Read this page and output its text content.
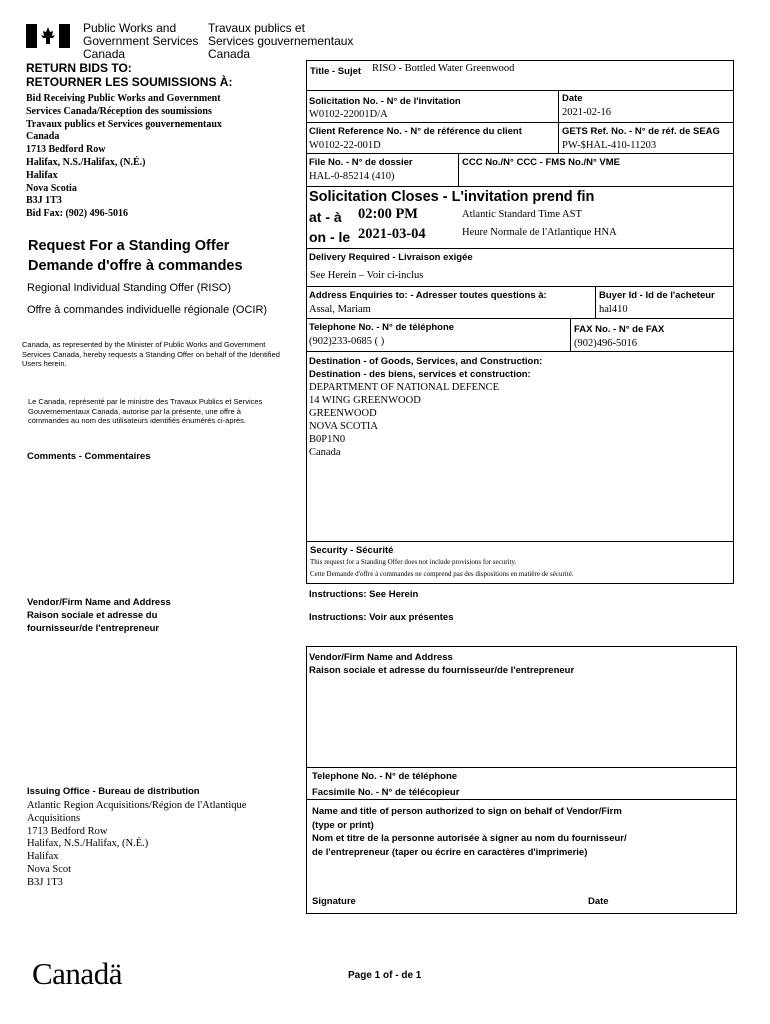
Public Works and
Government Services
Canada
Travaux publics et
Services gouvernementaux
Canada
RETURN BIDS TO:
RETOURNER LES SOUMISSIONS À:
Bid Receiving Public Works and Government
Services Canada/Réception des soumissions
Travaux publics et Services gouvernementaux
Canada
1713 Bedford Row
Halifax, N.S./Halifax, (N.É.)
Halifax
Nova Scotia
B3J 1T3
Bid Fax: (902) 496-5016
Request For a Standing Offer
Demande d'offre à commandes
Regional Individual Standing Offer (RISO)
Offre à commandes individuelle régionale (OCIR)
Canada, as represented by the Minister of Public Works and Government Services Canada, hereby requests a Standing Offer on behalf of the Identified Users herein.
Le Canada, représenté par le ministre des Travaux Publics et Services Gouvernementaux Canada, autorise par la présente, une offre à commandes au nom des utilisateurs identifiés énumérés ci-après.
Comments - Commentaires
Vendor/Firm Name and Address
Raison sociale et adresse du
fournisseur/de l'entrepreneur
Issuing Office - Bureau de distribution
Atlantic Region Acquisitions/Région de l'Atlantique
Acquisitions
1713 Bedford Row
Halifax, N.S./Halifax, (N.É.)
Halifax
Nova Scot
B3J 1T3
Title - Sujet RISO - Bottled Water Greenwood
Solicitation No. - N° de l'invitation
W0102-22001D/A
Date
2021-02-16
Client Reference No. - N° de référence du client
W0102-22-001D
GETS Ref. No. - N° de réf. de SEAG
PW-$HAL-410-11203
File No. - N° de dossier
HAL-0-85214 (410)
CCC No./N° CCC - FMS No./N° VME
Solicitation Closes - L'invitation prend fin
at - à 02:00 PM
on - le 2021-03-04
Atlantic Standard Time AST
Heure Normale de l'Atlantique HNA
Delivery Required - Livraison exigée
See Herein – Voir ci-inclus
Address Enquiries to: - Adresser toutes questions à:
Assal, Mariam
Buyer Id - Id de l'acheteur
hal410
Telephone No. - N° de téléphone
(902)233-0685 ( )
FAX No. - N° de FAX
(902)496-5016
Destination - of Goods, Services, and Construction:
Destination - des biens, services et construction:
DEPARTMENT OF NATIONAL DEFENCE
14 WING GREENWOOD
GREENWOOD
NOVA SCOTIA
B0P1N0
Canada
Security - Sécurité
This request for a Standing Offer does not include provisions for security.
Cette Demande d'offre à commandes ne comprend pas des dispositions en matière de sécurité.
Instructions: See Herein
Instructions: Voir aux présentes
Vendor/Firm Name and Address
Raison sociale et adresse du fournisseur/de l'entrepreneur
Telephone No. - N° de téléphone
Facsimile No. - N° de télécopieur
Name and title of person authorized to sign on behalf of Vendor/Firm
(type or print)
Nom et titre de la personne autorisée à signer au nom du fournisseur/
de l'entrepreneur (taper ou écrire en caractères d'imprimerie)
Signature	Date
Canadä	Page 1 of - de 1
